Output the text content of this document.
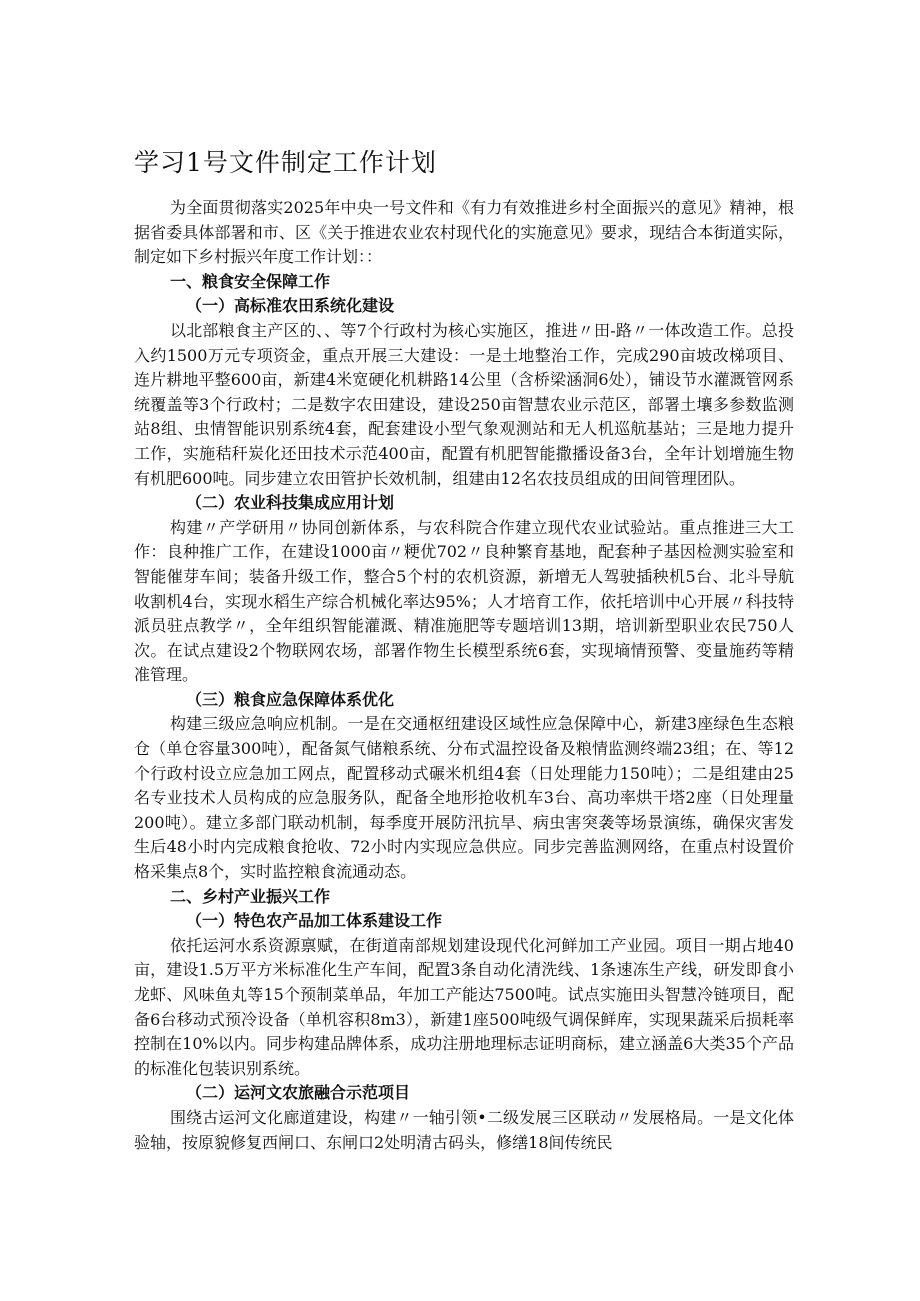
学习1号文件制定工作计划

为全面贯彻落实2025年中央一号文件和《有力有效推进乡村全面振兴的意见》精神，根据省委具体部署和市、区《关于推进农业农村现代化的实施意见》要求，现结合本街道实际，制定如下乡村振兴年度工作计划：：

一、粮食安全保障工作

（一）高标准农田系统化建设

以北部粮食主产区的、、等7个行政村为核心实施区，推进〃田-路〃一体改造工作。总投入约1500万元专项资金，重点开展三大建设：一是土地整治工作，完成290亩坡改梯项目、连片耕地平整600亩，新建4米宽硬化机耕路14公里（含桥梁涵洞6处），铺设节水灌溉管网系统覆盖等3个行政村；二是数字农田建设，建设250亩智慧农业示范区，部署土壤多参数监测站8组、虫情智能识别系统4套，配套建设小型气象观测站和无人机巡航基站；三是地力提升工作，实施秸秆炭化还田技术示范400亩，配置有机肥智能撒播设备3台，全年计划增施生物有机肥600吨。同步建立农田管护长效机制，组建由12名农技员组成的田间管理团队。

（二）农业科技集成应用计划

构建〃产学研用〃协同创新体系，与农科院合作建立现代农业试验站。重点推进三大工作：良种推广工作，在建设1000亩〃粳优702〃良种繁育基地，配套种子基因检测实验室和智能催芽车间；装备升级工作，整合5个村的农机资源，新增无人驾驶插秧机5台、北斗导航收割机4台，实现水稻生产综合机械化率达95%；人才培育工作，依托培训中心开展〃科技特派员驻点教学〃，全年组织智能灌溉、精准施肥等专题培训13期，培训新型职业农民750人次。在试点建设2个物联网农场，部署作物生长模型系统6套，实现墒情预警、变量施药等精准管理。

（三）粮食应急保障体系优化

构建三级应急响应机制。一是在交通枢纽建设区域性应急保障中心，新建3座绿色生态粮仓（单仓容量300吨），配备氮气储粮系统、分布式温控设备及粮情监测终端23组；在、等12个行政村设立应急加工网点，配置移动式碾米机组4套（日处理能力150吨）；二是组建由25名专业技术人员构成的应急服务队，配备全地形抢收机车3台、高功率烘干塔2座（日处理量200吨）。建立多部门联动机制，每季度开展防汛抗旱、病虫害突袭等场景演练，确保灾害发生后48小时内完成粮食抢收、72小时内实现应急供应。同步完善监测网络，在重点村设置价格采集点8个，实时监控粮食流通动态。

二、乡村产业振兴工作

（一）特色农产品加工体系建设工作

依托运河水系资源禀赋，在街道南部规划建设现代化河鲜加工产业园。项目一期占地40亩，建设1.5万平方米标准化生产车间，配置3条自动化清洗线、1条速冻生产线，研发即食小龙虾、风味鱼丸等15个预制菜单品，年加工产能达7500吨。试点实施田头智慧冷链项目，配备6台移动式预冷设备（单机容积8m3），新建1座500吨级气调保鲜库，实现果蔬采后损耗率控制在10%以内。同步构建品牌体系，成功注册地理标志证明商标，建立涵盖6大类35个产品的标准化包装识别系统。

（二）运河文农旅融合示范项目

围绕古运河文化廊道建设，构建〃一轴引领•二级发展三区联动〃发展格局。一是文化体验轴，按原貌修复西闸口、东闸口2处明清古码头，修缮18间传统民
